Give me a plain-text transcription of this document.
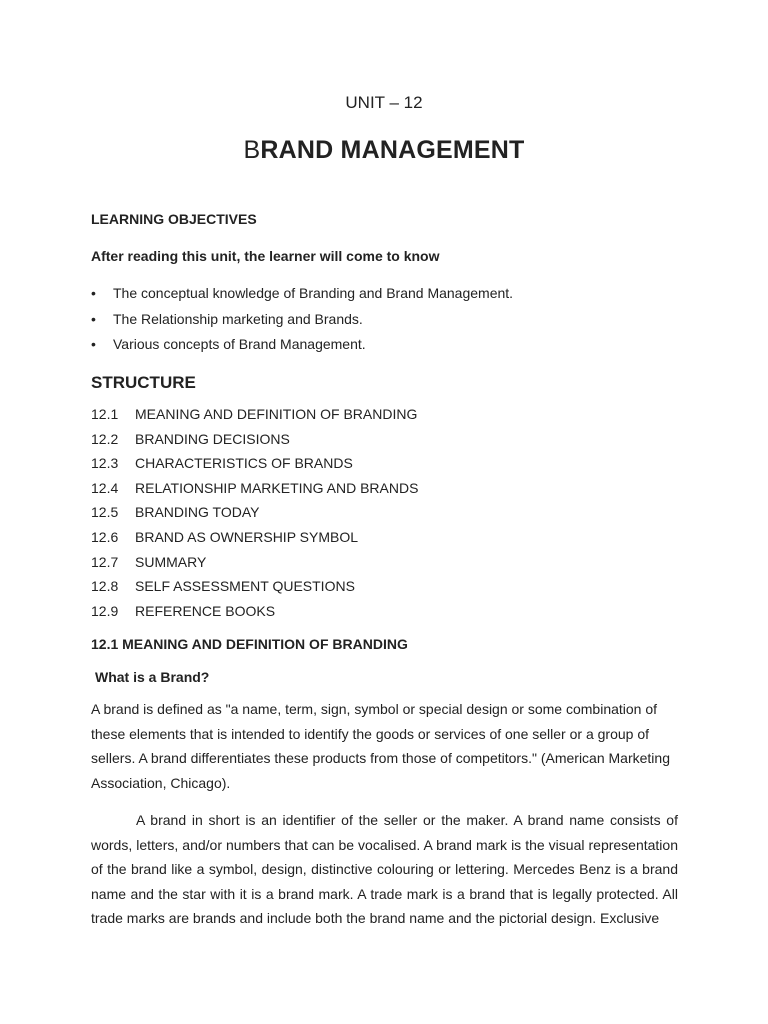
UNIT – 12
BRAND MANAGEMENT
LEARNING OBJECTIVES
After reading this unit, the learner will come to know
• The conceptual knowledge of Branding and Brand Management.
• The Relationship marketing and Brands.
• Various concepts of Brand Management.
STRUCTURE
12.1 MEANING AND DEFINITION OF BRANDING
12.2 BRANDING DECISIONS
12.3 CHARACTERISTICS OF BRANDS
12.4 RELATIONSHIP MARKETING AND BRANDS
12.5 BRANDING TODAY
12.6 BRAND AS OWNERSHIP SYMBOL
12.7 SUMMARY
12.8 SELF ASSESSMENT QUESTIONS
12.9 REFERENCE BOOKS
12.1 MEANING AND DEFINITION OF BRANDING
What is a Brand?

A brand is defined as "a name, term, sign, symbol or special design or some combination of these elements that is intended to identify the goods or services of one seller or a group of sellers. A brand differentiates these products from those of competitors." (American Marketing Association, Chicago).

A brand in short is an identifier of the seller or the maker. A brand name consists of words, letters, and/or numbers that can be vocalised. A brand mark is the visual representation of the brand like a symbol, design, distinctive colouring or lettering. Mercedes Benz is a brand name and the star with it is a brand mark. A trade mark is a brand that is legally protected. All trade marks are brands and include both the brand name and the pictorial design. Exclusive
